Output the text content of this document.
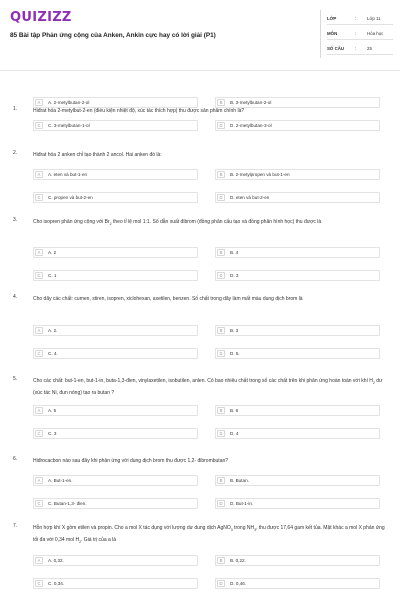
QUIZIZZ
85 Bài tập Phản ứng cộng của Anken, Ankin cực hay có lời giải (P1)
LỚP	: Lớp 11
MÔN	: Hóa học
SỐ CÂU : 25
1.	Hiđrat hóa 2-metylbut-2-en (điều kiện nhiệt độ, xúc tác thích hợp) thu được sản phẩm chính là?
A	A. 2-metylbutan-2-ol	B	B. 3-metylbutan-2-ol
C	C. 3-metylbutan-1-ol	D	D. 2-metylbutan-3-ol
2.	Hiđrat hóa 2 anken chỉ tạo thành 2 ancol. Hai anken đó là:
A	A. eten và but-1-en	B	B. 2-metylpropen và but-1-en
C	C. propen và but-2-en	D	D. eten và but-2-en
3.	Cho isopren phản ứng cộng với $Br_2$ theo tỉ lệ mol 1:1. Số dẫn xuất đibrom (đồng phân cấu tạo và đồng phân hình học) thu được là
A	A. 2	B	B. 4
C	C. 1	D	D. 3
4.	Cho dãy các chất: cumen, stiren, isopren, xiclohexan, axetilen, benzen. Số chất trong dãy làm mất màu dung dịch brom là
A	A. 2.	B	B. 3
C	C. 4.	D	D. 5.
5.	Cho các chất: but-1-en, but-1-in, buta-1,3-đien, vinylaxetilen, isobutilen, anlen. Có bao nhiêu chất trong số các chất trên khi phản ứng hoàn toàn với khí $H_2$ dư (xúc tác Ni, đun nóng) tạo ra butan ?
A	A. 5	B	B. 6
C	C. 3	D	D. 4
6.	Hiđrocacbon nào sau đây khi phản ứng với dung dịch brom thu được 1,2- đibrombutan?
A	A. But-1-en.	B	B. Butan.
C	C. Butan-1,3- đien.	D	D. But-1-in.
7.	Hỗn hợp khí X gồm etilen và propin. Cho a mol X tác dụng với lượng dư dung dịch AgNO$_3$ trong $NH_3$, thu được 17,64 gam kết tủa. Mặt khác a mol X phản ứng tối đa với 0,34 mol $H_2$. Giá trị của a là
A	A. 0,32.	B	B. 0,22.
C	C. 0,34.	D	D. 0,46.
